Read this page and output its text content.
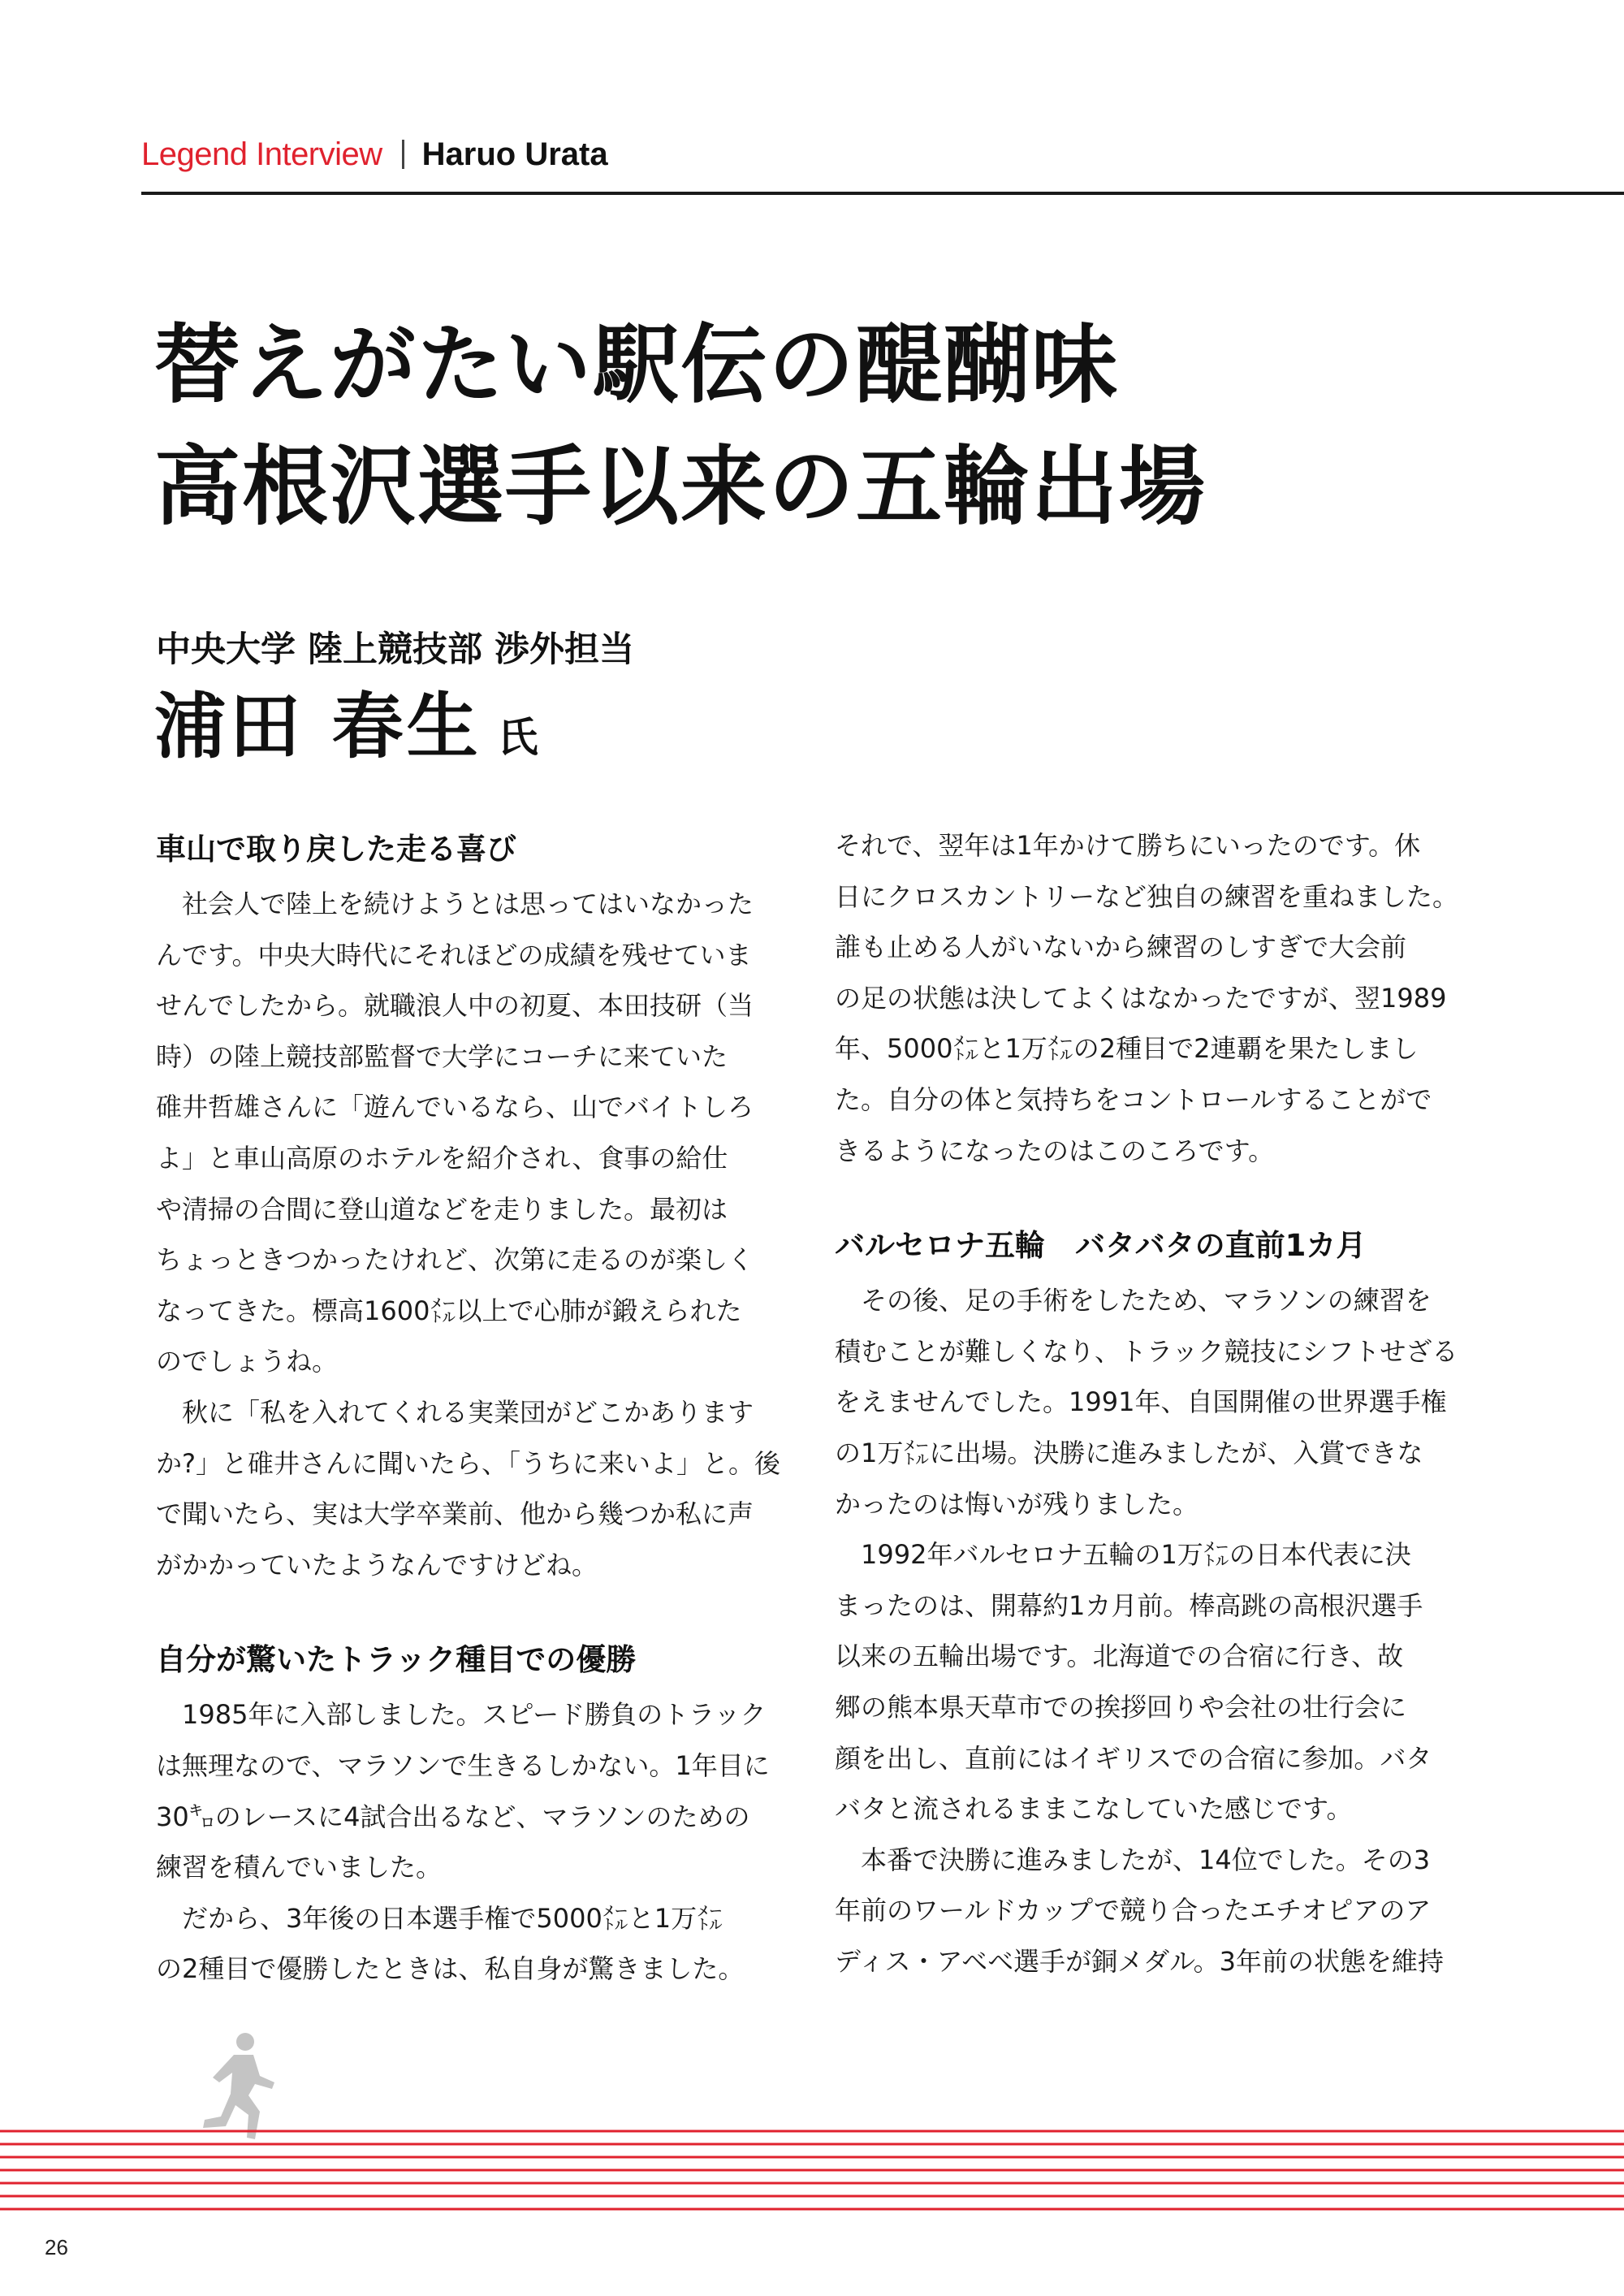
Legend Interview Haruo Urata
替えがたい駅伝の醍醐味
高根沢選手以来の五輪出場
中央大学 陸上競技部 渉外担当
浦田 春生 氏
車山で取り戻した走る喜び
　社会人で陸上を続けようとは思ってはいなかった
んです。中央大時代にそれほどの成績を残せていま
せんでしたから。就職浪人中の初夏、本田技研（当
時）の陸上競技部監督で大学にコーチに来ていた
碓井哲雄さんに「遊んでいるなら、山でバイトしろ
よ」と車山高原のホテルを紹介され、食事の給仕
や清掃の合間に登山道などを走りました。最初は
ちょっときつかったけれど、次第に走るのが楽しく
なってきた。標高1600㍍以上で心肺が鍛えられた
のでしょうね。
　秋に「私を入れてくれる実業団がどこかあります
か?」と碓井さんに聞いたら、「うちに来いよ」と。後
で聞いたら、実は大学卒業前、他から幾つか私に声
がかかっていたようなんですけどね。
自分が驚いたトラック種目での優勝
　1985年に入部しました。スピード勝負のトラック
は無理なので、マラソンで生きるしかない。1年目に
30㌔のレースに4試合出るなど、マラソンのための
練習を積んでいました。
　だから、3年後の日本選手権で5000㍍と1万㍍
の2種目で優勝したときは、私自身が驚きました。
それで、翌年は1年かけて勝ちにいったのです。休
日にクロスカントリーなど独自の練習を重ねました。
誰も止める人がいないから練習のしすぎで大会前
の足の状態は決してよくはなかったですが、翌1989
年、5000㍍と1万㍍の2種目で2連覇を果たしまし
た。自分の体と気持ちをコントロールすることがで
きるようになったのはこのころです。
バルセロナ五輪　バタバタの直前1カ月
　その後、足の手術をしたため、マラソンの練習を
積むことが難しくなり、トラック競技にシフトせざる
をえませんでした。1991年、自国開催の世界選手権
の1万㍍に出場。決勝に進みましたが、入賞できな
かったのは悔いが残りました。
　1992年バルセロナ五輪の1万㍍の日本代表に決
まったのは、開幕約1カ月前。棒高跳の高根沢選手
以来の五輪出場です。北海道での合宿に行き、故
郷の熊本県天草市での挨拶回りや会社の壮行会に
顔を出し、直前にはイギリスでの合宿に参加。バタ
バタと流されるままこなしていた感じです。
　本番で決勝に進みましたが、14位でした。その3
年前のワールドカップで競り合ったエチオピアのア
ディス・アベベ選手が銅メダル。3年前の状態を維持
26
